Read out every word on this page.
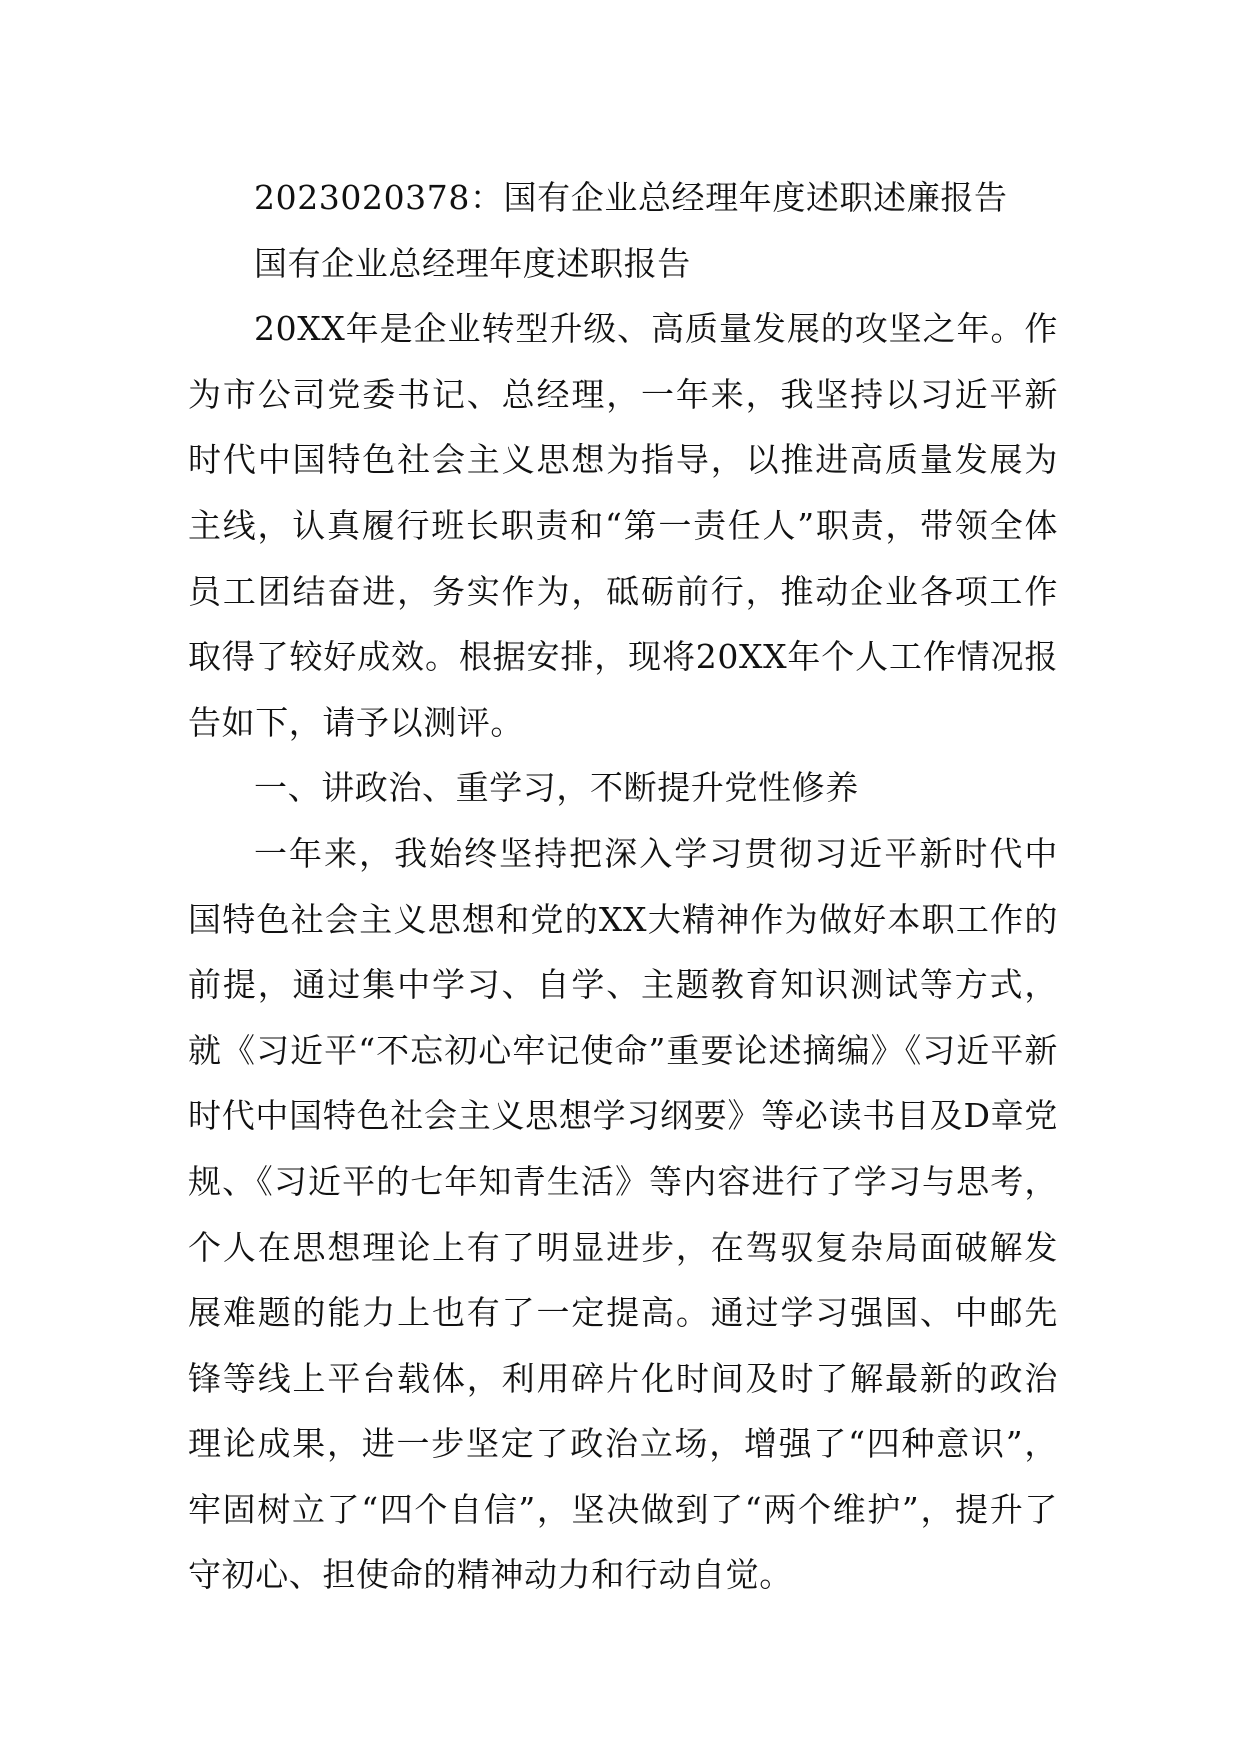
2023020378：国有企业总经理年度述职述廉报告

国有企业总经理年度述职报告

20XX年是企业转型升级、高质量发展的攻坚之年。作为市公司党委书记、总经理，一年来，我坚持以习近平新时代中国特色社会主义思想为指导，以推进高质量发展为主线，认真履行班长职责和“第一责任人”职责，带领全体员工团结奋进，务实作为，砥砺前行，推动企业各项工作取得了较好成效。根据安排，现将20XX年个人工作情况报告如下，请予以测评。

一、讲政治、重学习，不断提升党性修养

一年来，我始终坚持把深入学习贯彻习近平新时代中国特色社会主义思想和党的XX大精神作为做好本职工作的前提，通过集中学习、自学、主题教育知识测试等方式，就《习近平“不忘初心牢记使命”重要论述摘编》《习近平新时代中国特色社会主义思想学习纲要》等必读书目及D章党规、《习近平的七年知青生活》等内容进行了学习与思考，个人在思想理论上有了明显进步，在驾驭复杂局面破解发展难题的能力上也有了一定提高。通过学习强国、中邮先锋等线上平台载体，利用碎片化时间及时了解最新的政治理论成果，进一步坚定了政治立场，增强了“四种意识”，牢固树立了“四个自信”，坚决做到了“两个维护”，提升了守初心、担使命的精神动力和行动自觉。
